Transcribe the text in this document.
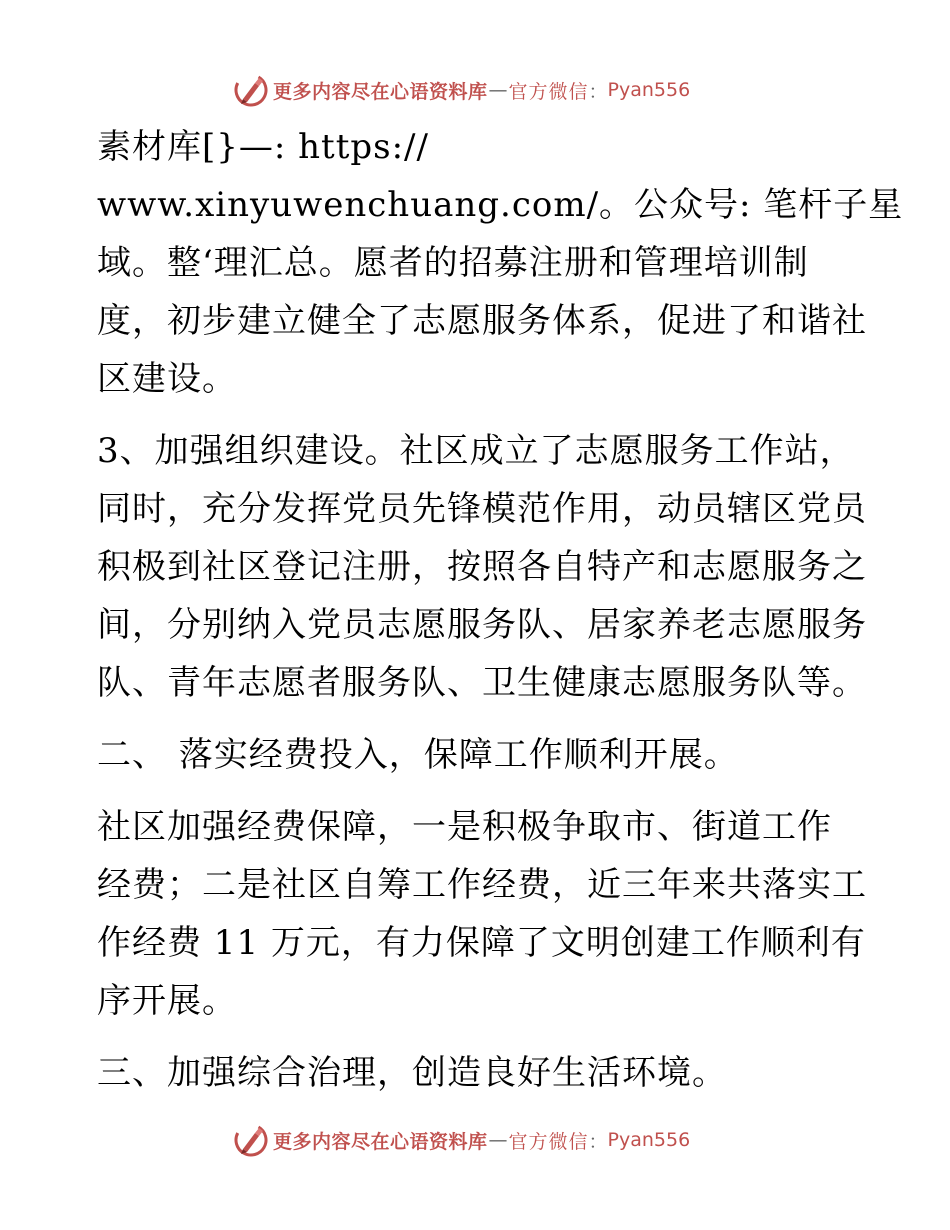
更多内容尽在心语资料库 — 官方微信 ： Pyan556
素材库[}—: https://
www.xinyuwenchuang.com/。公众号: 笔杆子星
域。整‘理汇总。愿者的招募注册和管理培训制
度，初步建立健全了志愿服务体系，促进了和谐社
区建设。
3、加强组织建设。社区成立了志愿服务工作站，
同时，充分发挥党员先锋模范作用，动员辖区党员
积极到社区登记注册，按照各自特产和志愿服务之
间，分别纳入党员志愿服务队、居家养老志愿服务
队、青年志愿者服务队、卫生健康志愿服务队等。
二、 落实经费投入，保障工作顺利开展。
社区加强经费保障，一是积极争取市、街道工作
经费；二是社区自筹工作经费，近三年来共落实工
作经费 11 万元，有力保障了文明创建工作顺利有
序开展。
三、加强综合治理，创造良好生活环境。
更多内容尽在心语资料库 — 官方微信 ： Pyan556
